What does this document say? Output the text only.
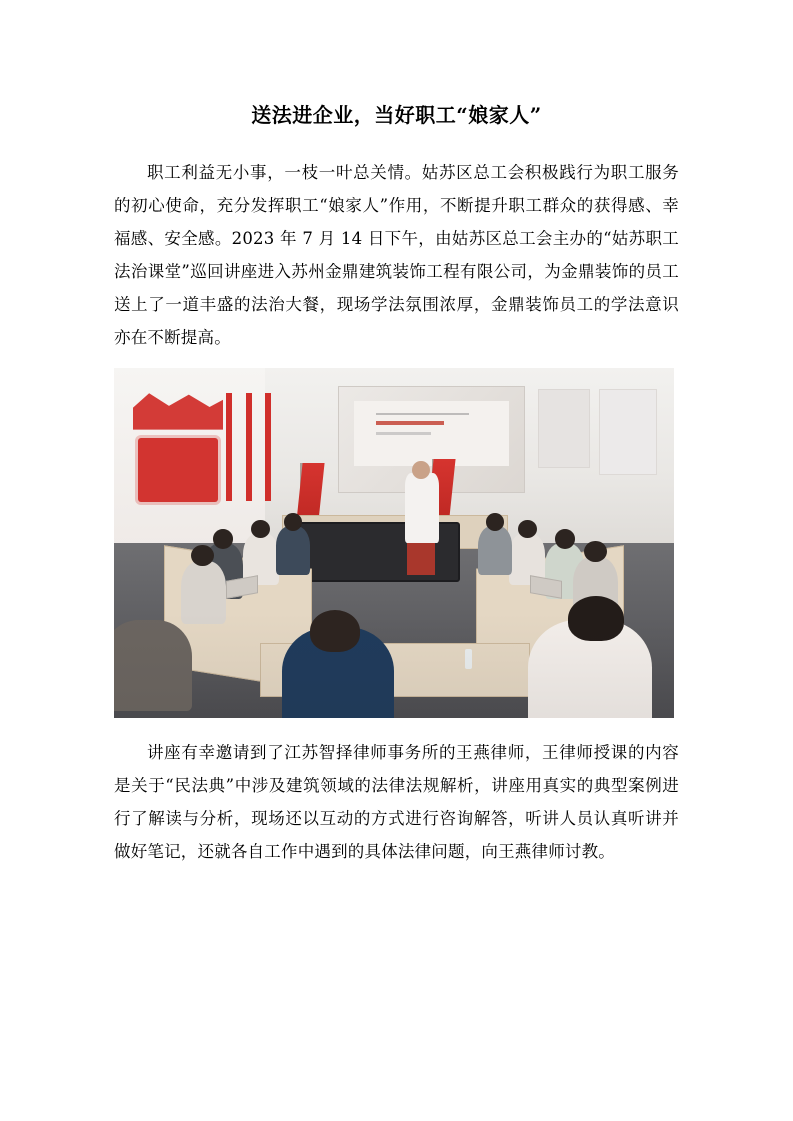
送法进企业，当好职工“娘家人”

职工利益无小事，一枝一叶总关情。姑苏区总工会积极践行为职工服务的初心使命，充分发挥职工“娘家人”作用，不断提升职工群众的获得感、幸福感、安全感。2023 年 7 月 14 日下午，由姑苏区总工会主办的“姑苏职工法治课堂”巡回讲座进入苏州金鼎建筑装饰工程有限公司，为金鼎装饰的员工送上了一道丰盛的法治大餐，现场学法氛围浓厚，金鼎装饰员工的学法意识亦在不断提高。

讲座有幸邀请到了江苏智择律师事务所的王燕律师，王律师授课的内容是关于“民法典”中涉及建筑领域的法律法规解析，讲座用真实的典型案例进行了解读与分析，现场还以互动的方式进行咨询解答，听讲人员认真听讲并做好笔记，还就各自工作中遇到的具体法律问题，向王燕律师讨教。
